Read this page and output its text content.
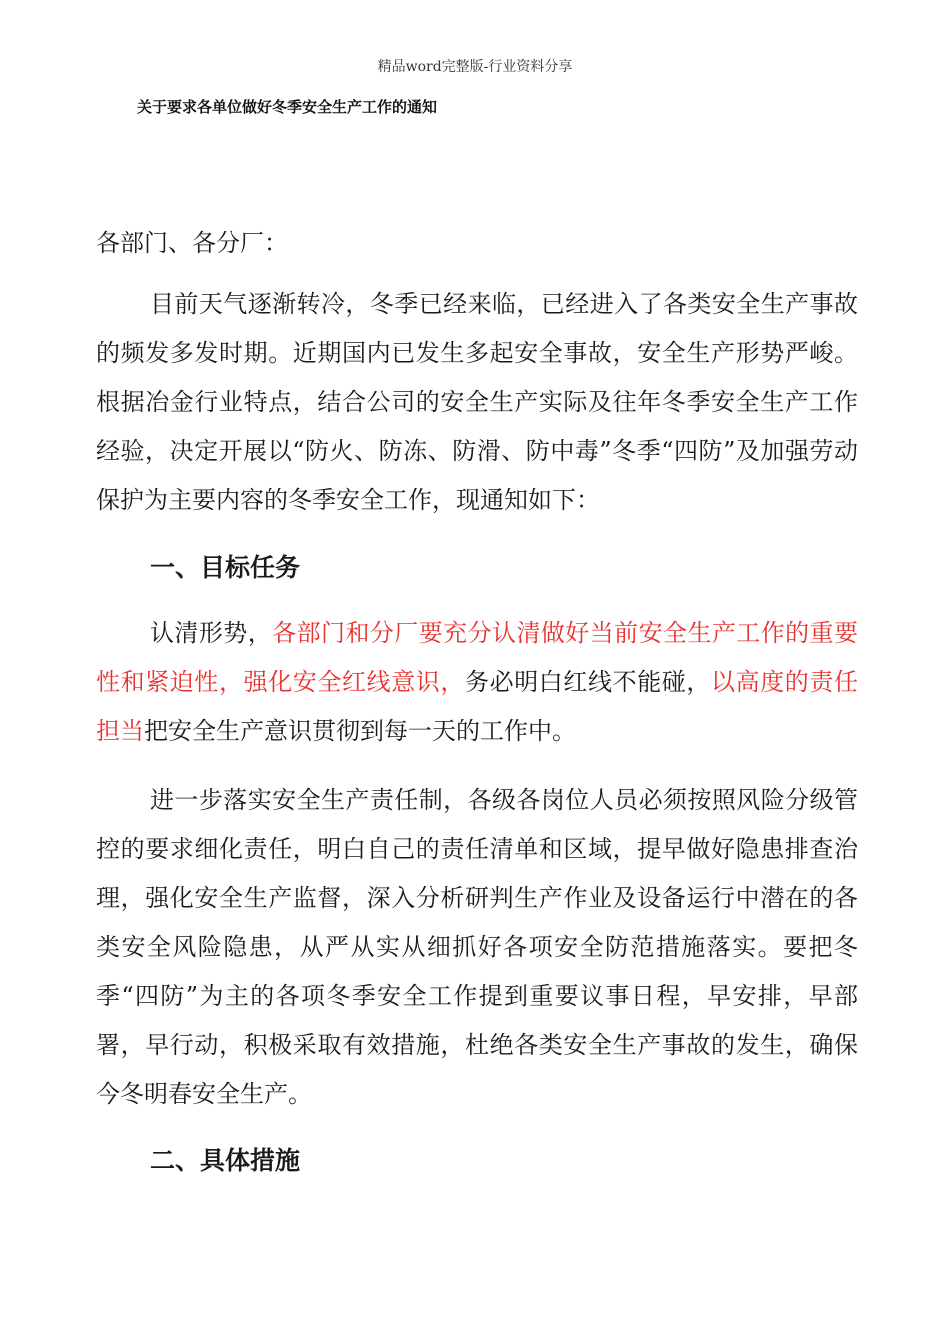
精品word完整版-行业资料分享
关于要求各单位做好冬季安全生产工作的通知
各部门、各分厂：
目前天气逐渐转冷，冬季已经来临，已经进入了各类安全生产事故的频发多发时期。近期国内已发生多起安全事故，安全生产形势严峻。根据冶金行业特点，结合公司的安全生产实际及往年冬季安全生产工作经验，决定开展以“防火、防冻、防滑、防中毒”冬季“四防”及加强劳动保护为主要内容的冬季安全工作，现通知如下：
一、目标任务
认清形势，各部门和分厂要充分认清做好当前安全生产工作的重要性和紧迫性，强化安全红线意识，务必明白红线不能碰，以高度的责任担当把安全生产意识贯彻到每一天的工作中。
进一步落实安全生产责任制，各级各岗位人员必须按照风险分级管控的要求细化责任，明白自己的责任清单和区域，提早做好隐患排查治理，强化安全生产监督，深入分析研判生产作业及设备运行中潜在的各类安全风险隐患，从严从实从细抓好各项安全防范措施落实。要把冬季“四防”为主的各项冬季安全工作提到重要议事日程，早安排，早部署，早行动，积极采取有效措施，杜绝各类安全生产事故的发生，确保今冬明春安全生产。
二、具体措施
